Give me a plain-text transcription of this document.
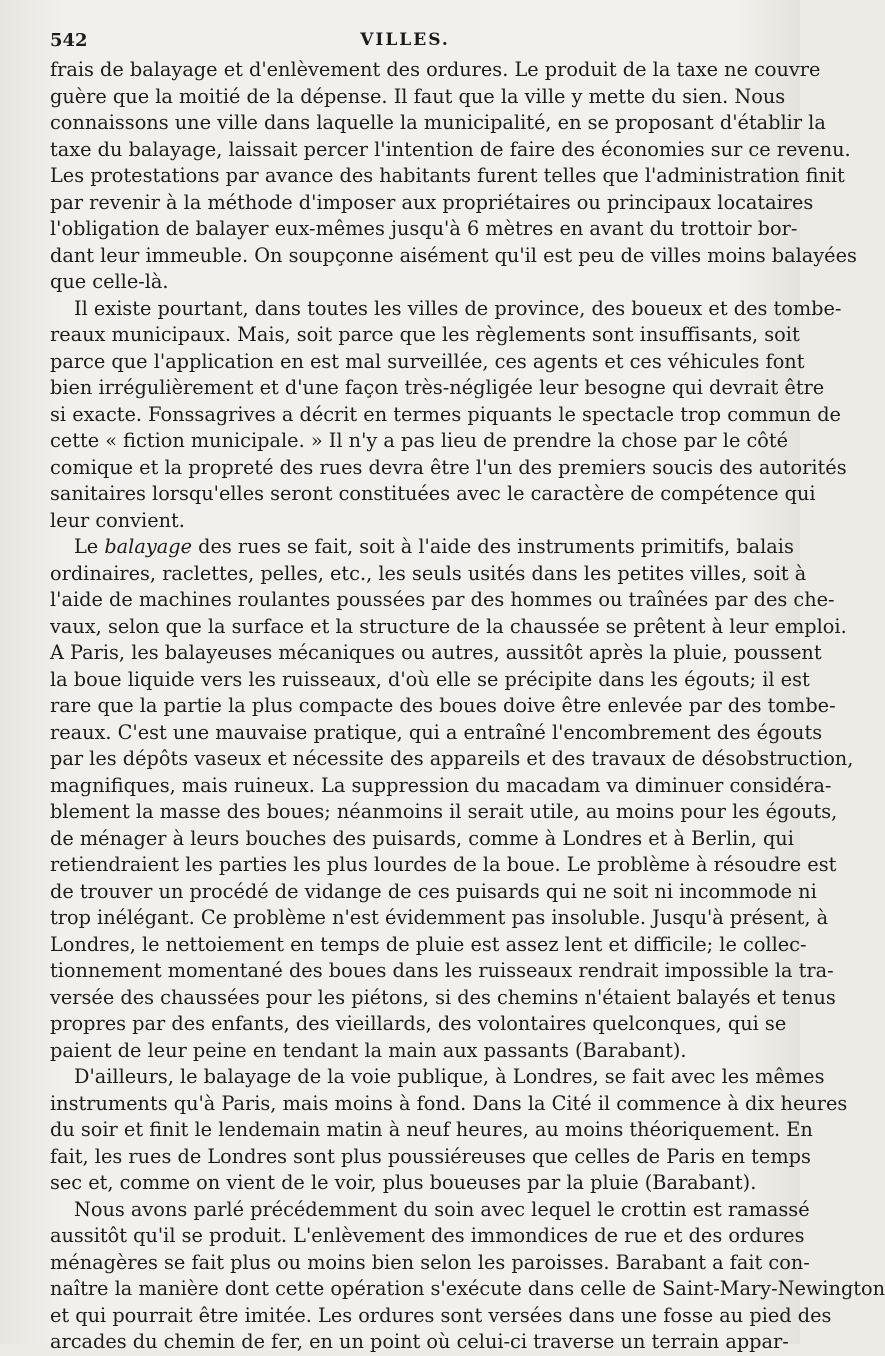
542	VILLES.
frais de balayage et d'enlèvement des ordures. Le produit de la taxe ne couvre
guère que la moitié de la dépense. Il faut que la ville y mette du sien. Nous
connaissons une ville dans laquelle la municipalité, en se proposant d'établir la
taxe du balayage, laissait percer l'intention de faire des économies sur ce revenu.
Les protestations par avance des habitants furent telles que l'administration finit
par revenir à la méthode d'imposer aux propriétaires ou principaux locataires
l'obligation de balayer eux-mêmes jusqu'à 6 mètres en avant du trottoir bor-
dant leur immeuble. On soupçonne aisément qu'il est peu de villes moins balayées
que celle-là.
Il existe pourtant, dans toutes les villes de province, des boueux et des tombe-
reaux municipaux. Mais, soit parce que les règlements sont insuffisants, soit
parce que l'application en est mal surveillée, ces agents et ces véhicules font
bien irrégulièrement et d'une façon très-négligée leur besogne qui devrait être
si exacte. Fonssagrives a décrit en termes piquants le spectacle trop commun de
cette « fiction municipale. » Il n'y a pas lieu de prendre la chose par le côté
comique et la propreté des rues devra être l'un des premiers soucis des autorités
sanitaires lorsqu'elles seront constituées avec le caractère de compétence qui
leur convient.
Le balayage des rues se fait, soit à l'aide des instruments primitifs, balais
ordinaires, raclettes, pelles, etc., les seuls usités dans les petites villes, soit à
l'aide de machines roulantes poussées par des hommes ou traînées par des che-
vaux, selon que la surface et la structure de la chaussée se prêtent à leur emploi.
A Paris, les balayeuses mécaniques ou autres, aussitôt après la pluie, poussent
la boue liquide vers les ruisseaux, d'où elle se précipite dans les égouts; il est
rare que la partie la plus compacte des boues doive être enlevée par des tombe-
reaux. C'est une mauvaise pratique, qui a entraîné l'encombrement des égouts
par les dépôts vaseux et nécessite des appareils et des travaux de désobstruction,
magnifiques, mais ruineux. La suppression du macadam va diminuer considéra-
blement la masse des boues; néanmoins il serait utile, au moins pour les égouts,
de ménager à leurs bouches des puisards, comme à Londres et à Berlin, qui
retiendraient les parties les plus lourdes de la boue. Le problème à résoudre est
de trouver un procédé de vidange de ces puisards qui ne soit ni incommode ni
trop inélégant. Ce problème n'est évidemment pas insoluble. Jusqu'à présent, à
Londres, le nettoiement en temps de pluie est assez lent et difficile; le collec-
tionnement momentané des boues dans les ruisseaux rendrait impossible la tra-
versée des chaussées pour les piétons, si des chemins n'étaient balayés et tenus
propres par des enfants, des vieillards, des volontaires quelconques, qui se
paient de leur peine en tendant la main aux passants (Barabant).
D'ailleurs, le balayage de la voie publique, à Londres, se fait avec les mêmes
instruments qu'à Paris, mais moins à fond. Dans la Cité il commence à dix heures
du soir et finit le lendemain matin à neuf heures, au moins théoriquement. En
fait, les rues de Londres sont plus poussiéreuses que celles de Paris en temps
sec et, comme on vient de le voir, plus boueuses par la pluie (Barabant).
Nous avons parlé précédemment du soin avec lequel le crottin est ramassé
aussitôt qu'il se produit. L'enlèvement des immondices de rue et des ordures
ménagères se fait plus ou moins bien selon les paroisses. Barabant a fait con-
naître la manière dont cette opération s'exécute dans celle de Saint-Mary-Newington
et qui pourrait être imitée. Les ordures sont versées dans une fosse au pied des
arcades du chemin de fer, en un point où celui-ci traverse un terrain appar-
